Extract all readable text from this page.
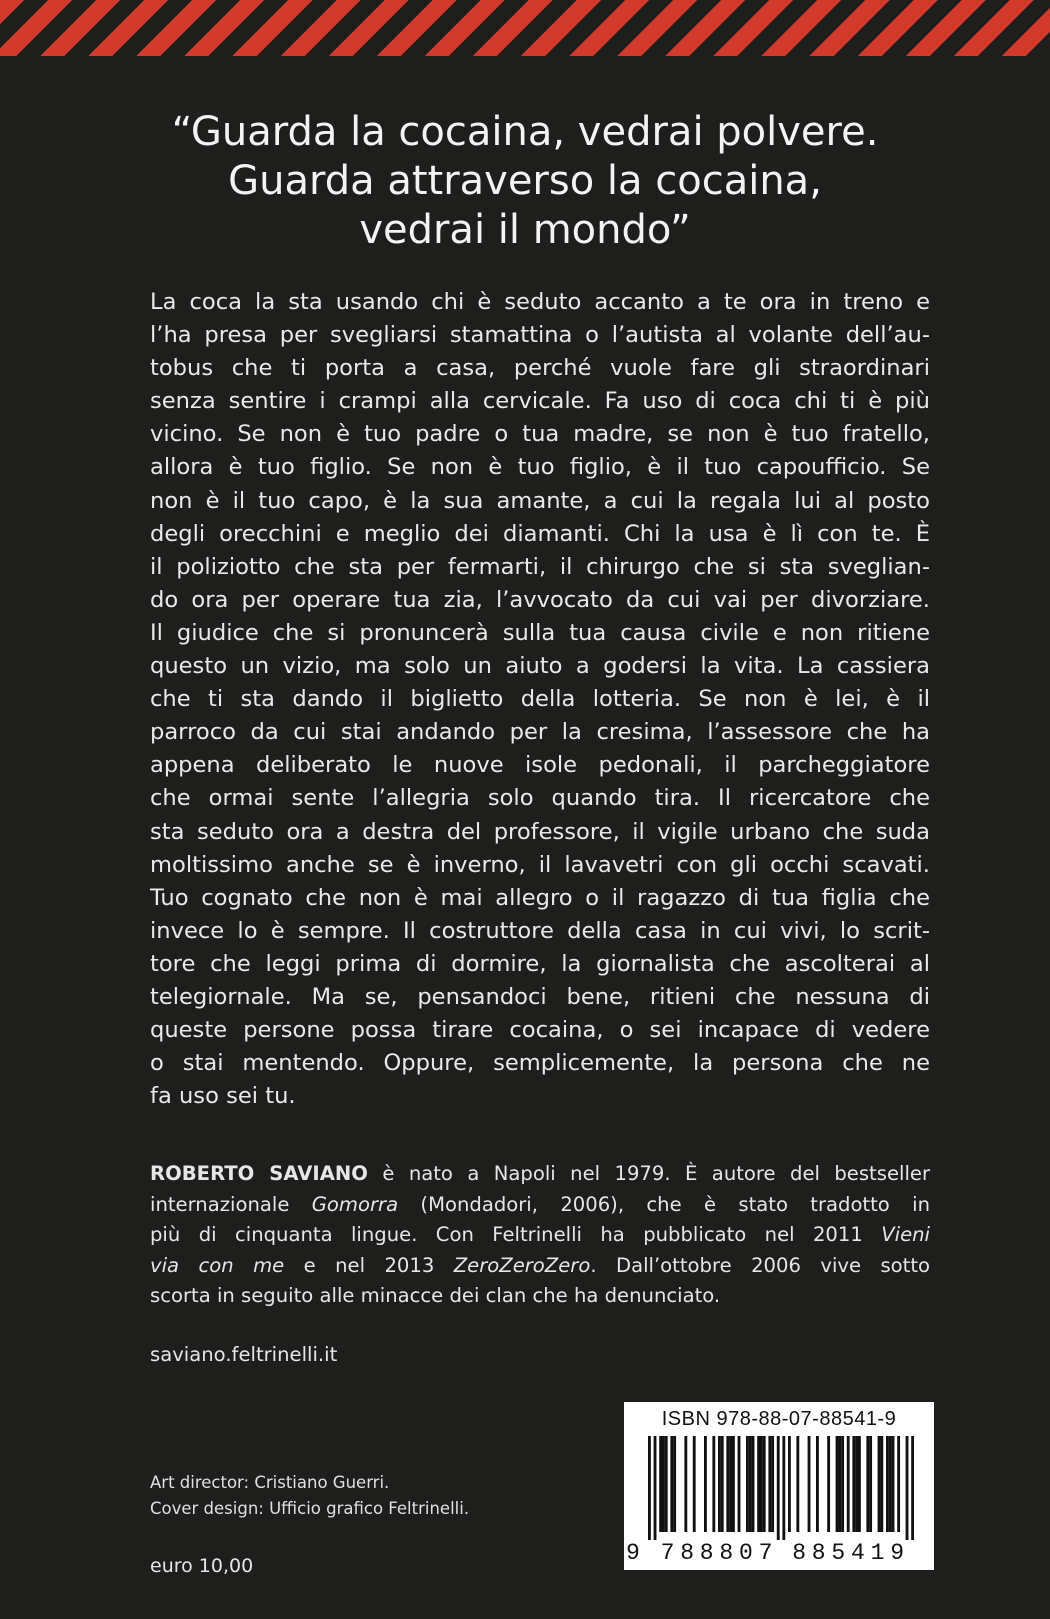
“Guarda la cocaina, vedrai polvere.
Guarda attraverso la cocaina,
vedrai il mondo”
La coca la sta usando chi è seduto accanto a te ora in treno e
l’ha presa per svegliarsi stamattina o l’autista al volante dell’au-
tobus che ti porta a casa, perché vuole fare gli straordinari
senza sentire i crampi alla cervicale. Fa uso di coca chi ti è più
vicino. Se non è tuo padre o tua madre, se non è tuo fratello,
allora è tuo figlio. Se non è tuo figlio, è il tuo capoufficio. Se
non è il tuo capo, è la sua amante, a cui la regala lui al posto
degli orecchini e meglio dei diamanti. Chi la usa è lì con te. È
il poliziotto che sta per fermarti, il chirurgo che si sta sveglian-
do ora per operare tua zia, l’avvocato da cui vai per divorziare.
Il giudice che si pronuncerà sulla tua causa civile e non ritiene
questo un vizio, ma solo un aiuto a godersi la vita. La cassiera
che ti sta dando il biglietto della lotteria. Se non è lei, è il
parroco da cui stai andando per la cresima, l’assessore che ha
appena deliberato le nuove isole pedonali, il parcheggiatore
che ormai sente l’allegria solo quando tira. Il ricercatore che
sta seduto ora a destra del professore, il vigile urbano che suda
moltissimo anche se è inverno, il lavavetri con gli occhi scavati.
Tuo cognato che non è mai allegro o il ragazzo di tua figlia che
invece lo è sempre. Il costruttore della casa in cui vivi, lo scrit-
tore che leggi prima di dormire, la giornalista che ascolterai al
telegiornale. Ma se, pensandoci bene, ritieni che nessuna di
queste persone possa tirare cocaina, o sei incapace di vedere
o stai mentendo. Oppure, semplicemente, la persona che ne
fa uso sei tu.
ROBERTO SAVIANO è nato a Napoli nel 1979. È autore del bestseller
internazionale Gomorra (Mondadori, 2006), che è stato tradotto in
più di cinquanta lingue. Con Feltrinelli ha pubblicato nel 2011 Vieni
via con me e nel 2013 ZeroZeroZero. Dall’ottobre 2006 vive sotto
scorta in seguito alle minacce dei clan che ha denunciato.
saviano.feltrinelli.it
Art director: Cristiano Guerri.
Cover design: Ufficio grafico Feltrinelli.
euro 10,00
ISBN 978-88-07-88541-9
9 7 8 8 8 0 7 8 8 5 4 1 9
